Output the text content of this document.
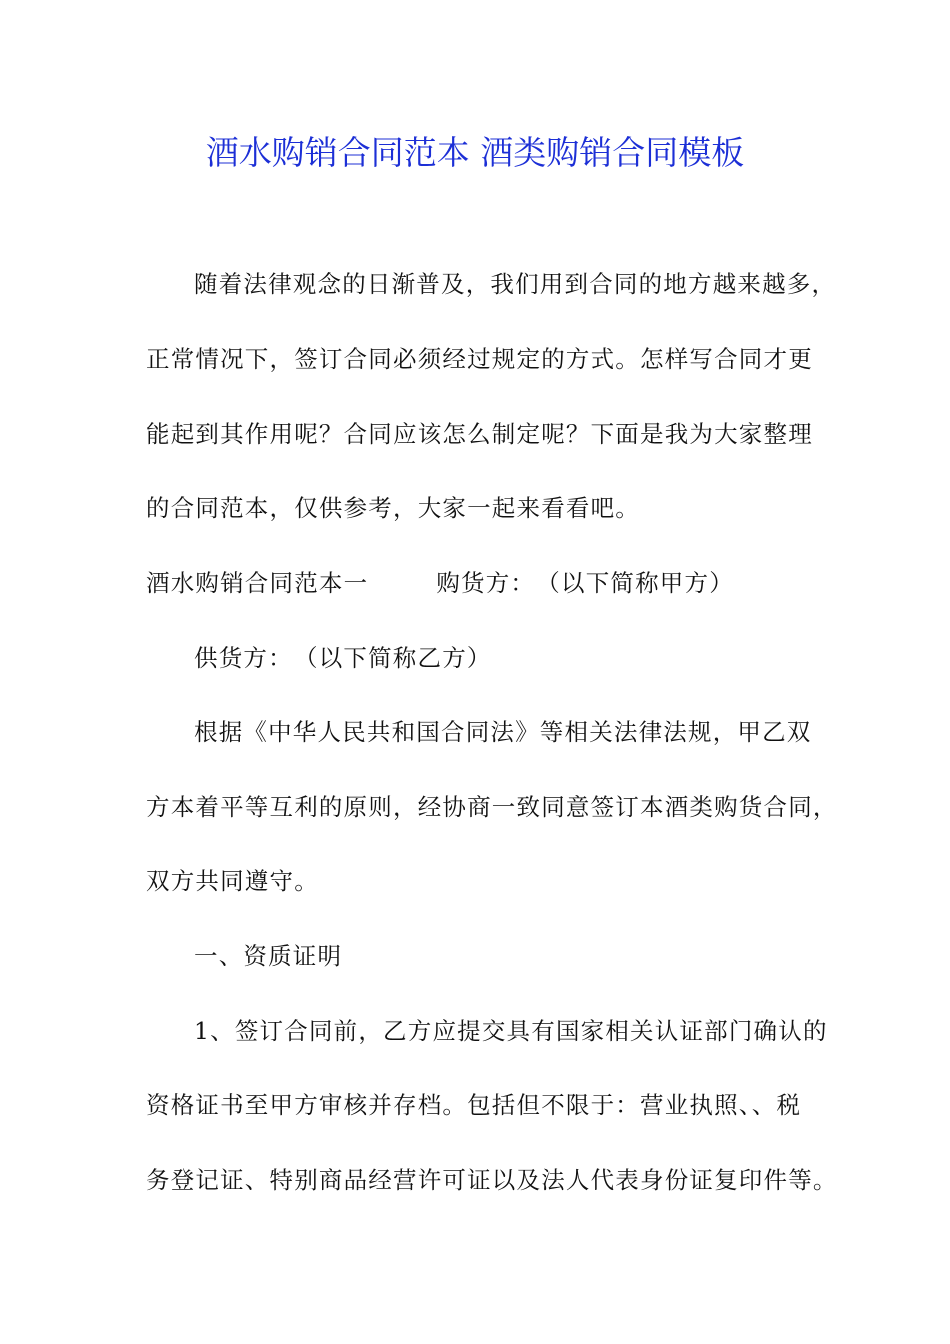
酒水购销合同范本 酒类购销合同模板

随着法律观念的日渐普及，我们用到合同的地方越来越多，

正常情况下，签订合同必须经过规定的方式。怎样写合同才更

能起到其作用呢？合同应该怎么制定呢？下面是我为大家整理

的合同范本，仅供参考，大家一起来看看吧。

酒水购销合同范本一	购货方：　（以下简称甲方）

供货方：　（以下简称乙方）

根据《中华人民共和国合同法》等相关法律法规，甲乙双

方本着平等互利的原则，经协商一致同意签订本酒类购货合同，

双方共同遵守。

一、资质证明

1、签订合同前，乙方应提交具有国家相关认证部门确认的

资格证书至甲方审核并存档。包括但不限于：营业执照、、税

务登记证、特别商品经营许可证以及法人代表身份证复印件等。
